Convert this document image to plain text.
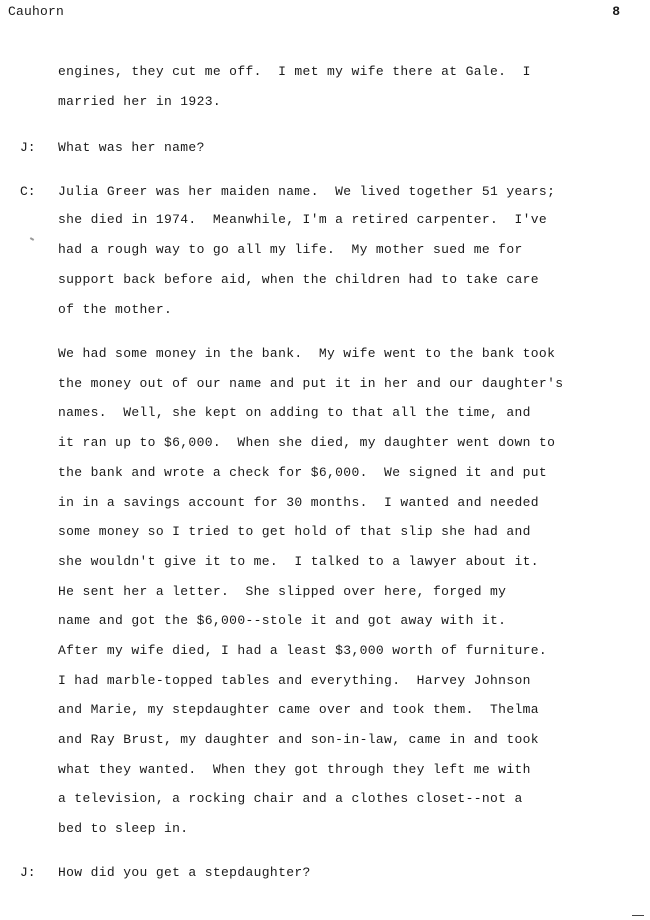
Cauhorn	8
engines, they cut me off.  I met my wife there at Gale.  I
married her in 1923.
J: What was her name?
C: Julia Greer was her maiden name.  We lived together 51 years;
she died in 1974.  Meanwhile, I'm a retired carpenter.  I've
had a rough way to go all my life.  My mother sued me for
support back before aid, when the children had to take care
of the mother.
We had some money in the bank.  My wife went to the bank took
the money out of our name and put it in her and our daughter's
names.  Well, she kept on adding to that all the time, and
it ran up to $6,000.  When she died, my daughter went down to
the bank and wrote a check for $6,000.  We signed it and put
in in a savings account for 30 months.  I wanted and needed
some money so I tried to get hold of that slip she had and
she wouldn't give it to me.  I talked to a lawyer about it.
He sent her a letter.  She slipped over here, forged my
name and got the $6,000--stole it and got away with it.
After my wife died, I had a least $3,000 worth of furniture.
I had marble-topped tables and everything.  Harvey Johnson
and Marie, my stepdaughter came over and took them.  Thelma
and Ray Brust, my daughter and son-in-law, came in and took
what they wanted.  When they got through they left me with
a television, a rocking chair and a clothes closet--not a
bed to sleep in.
J: How did you get a stepdaughter?
